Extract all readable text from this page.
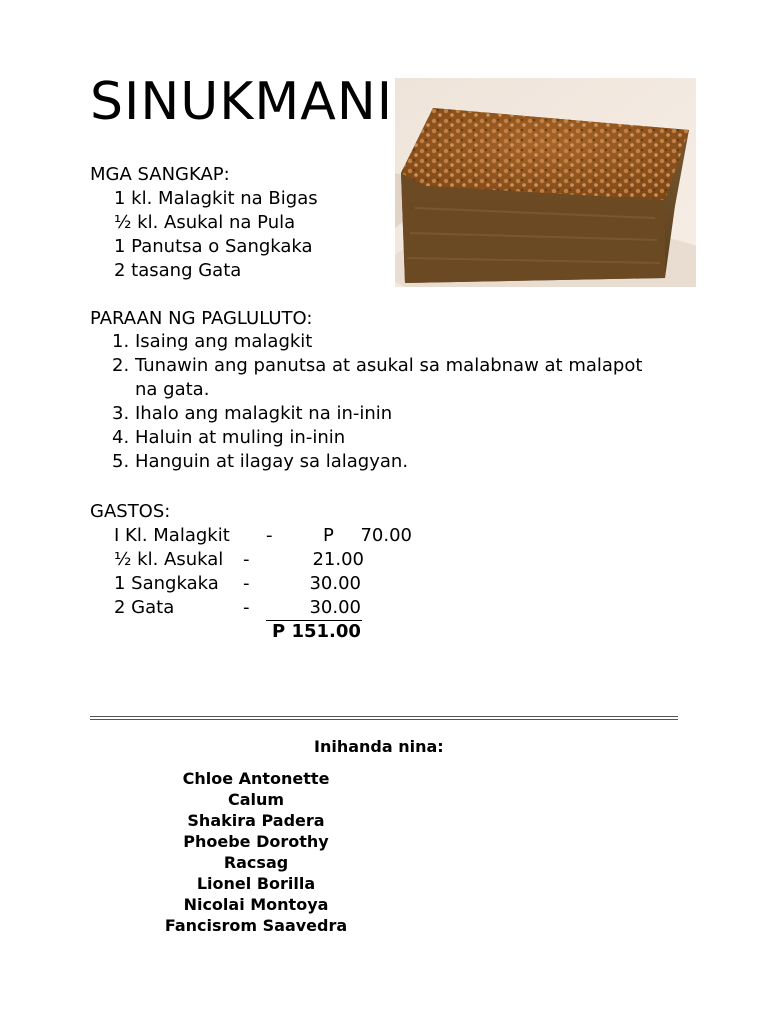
SINUKMANI

MGA SANGKAP:

1 kl. Malagkit na Bigas
½ kl. Asukal na Pula
1 Panutsa o Sangkaka
2 tasang Gata

PARAAN NG PAGLULUTO:

1. Isaing ang malagkit
2. Tunawin ang panutsa at asukal sa malabnaw at malapot na gata.
3. Ihalo ang malagkit na in-inin
4. Haluin at muling in-inin
5. Hanguin at ilagay sa lalagyan.

GASTOS:

I Kl. Malagkit -	P	70.00
½ kl. Asukal -	21.00
1 Sangkaka -	30.00
2 Gata	-	30.00
P 151.00
Inihanda nina:
Chloe Antonette
Calum
Shakira Padera
Phoebe Dorothy
Racsag
Lionel Borilla
Nicolai Montoya
Fancisrom Saavedra
